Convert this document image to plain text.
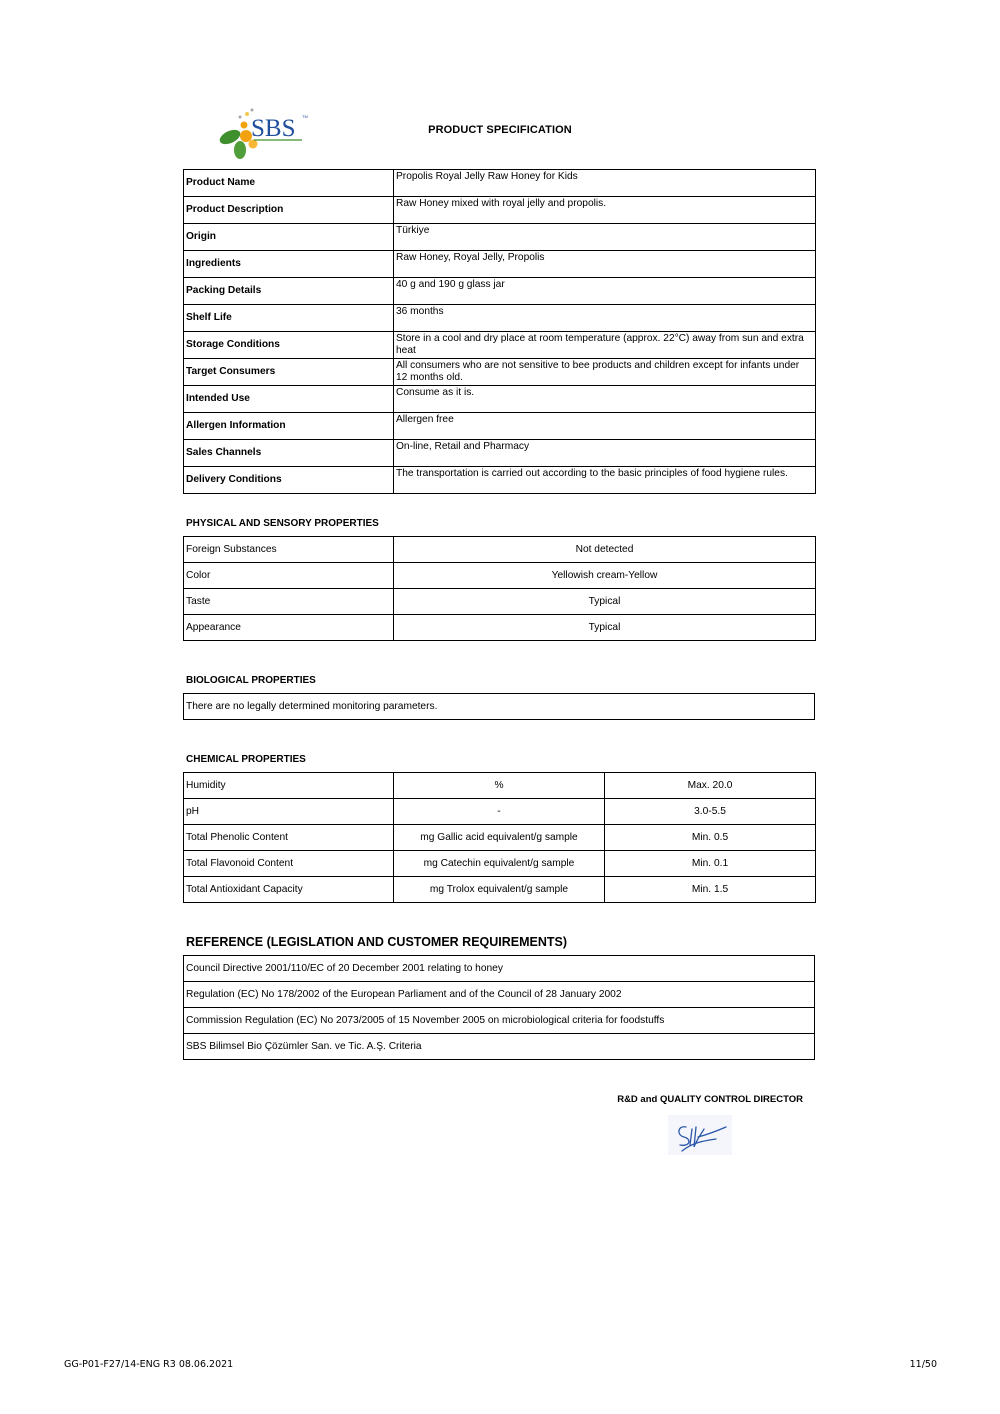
SBS TM
PRODUCT SPECIFICATION
Product Name	Propolis Royal Jelly Raw Honey for Kids
Product Description	Raw Honey mixed with royal jelly and propolis.
Origin	Türkiye
Ingredients	Raw Honey, Royal Jelly, Propolis
Packing Details	40 g and 190 g glass jar
Shelf Life	36 months
Storage Conditions	Store in a cool and dry place at room temperature (approx. 22°C) away from sun and extra heat
Target Consumers	All consumers who are not sensitive to bee products and children except for infants under 12 months old.
Intended Use	Consume as it is.
Allergen Information	Allergen free
Sales Channels	On-line, Retail and Pharmacy
Delivery Conditions	The transportation is carried out according to the basic principles of food hygiene rules.
PHYSICAL AND SENSORY PROPERTIES
Foreign Substances	Not detected
Color	Yellowish cream-Yellow
Taste	Typical
Appearance	Typical
BIOLOGICAL PROPERTIES
There are no legally determined monitoring parameters.
CHEMICAL PROPERTIES
Humidity	%	Max. 20.0
pH	-	3.0-5.5
Total Phenolic Content	mg Gallic acid equivalent/g sample	Min. 0.5
Total Flavonoid Content	mg Catechin equivalent/g sample	Min. 0.1
Total Antioxidant Capacity	mg Trolox equivalent/g sample	Min. 1.5
REFERENCE (LEGISLATION AND CUSTOMER REQUIREMENTS)
Council Directive 2001/110/EC of 20 December 2001 relating to honey
Regulation (EC) No 178/2002 of the European Parliament and of the Council of 28 January 2002
Commission Regulation (EC) No 2073/2005 of 15 November 2005 on microbiological criteria for foodstuffs
SBS Bilimsel Bio Çözümler San. ve Tic. A.Ş. Criteria
R&D and QUALITY CONTROL DIRECTOR
GG-P01-F27/14-ENG R3 08.06.2021	11/50
